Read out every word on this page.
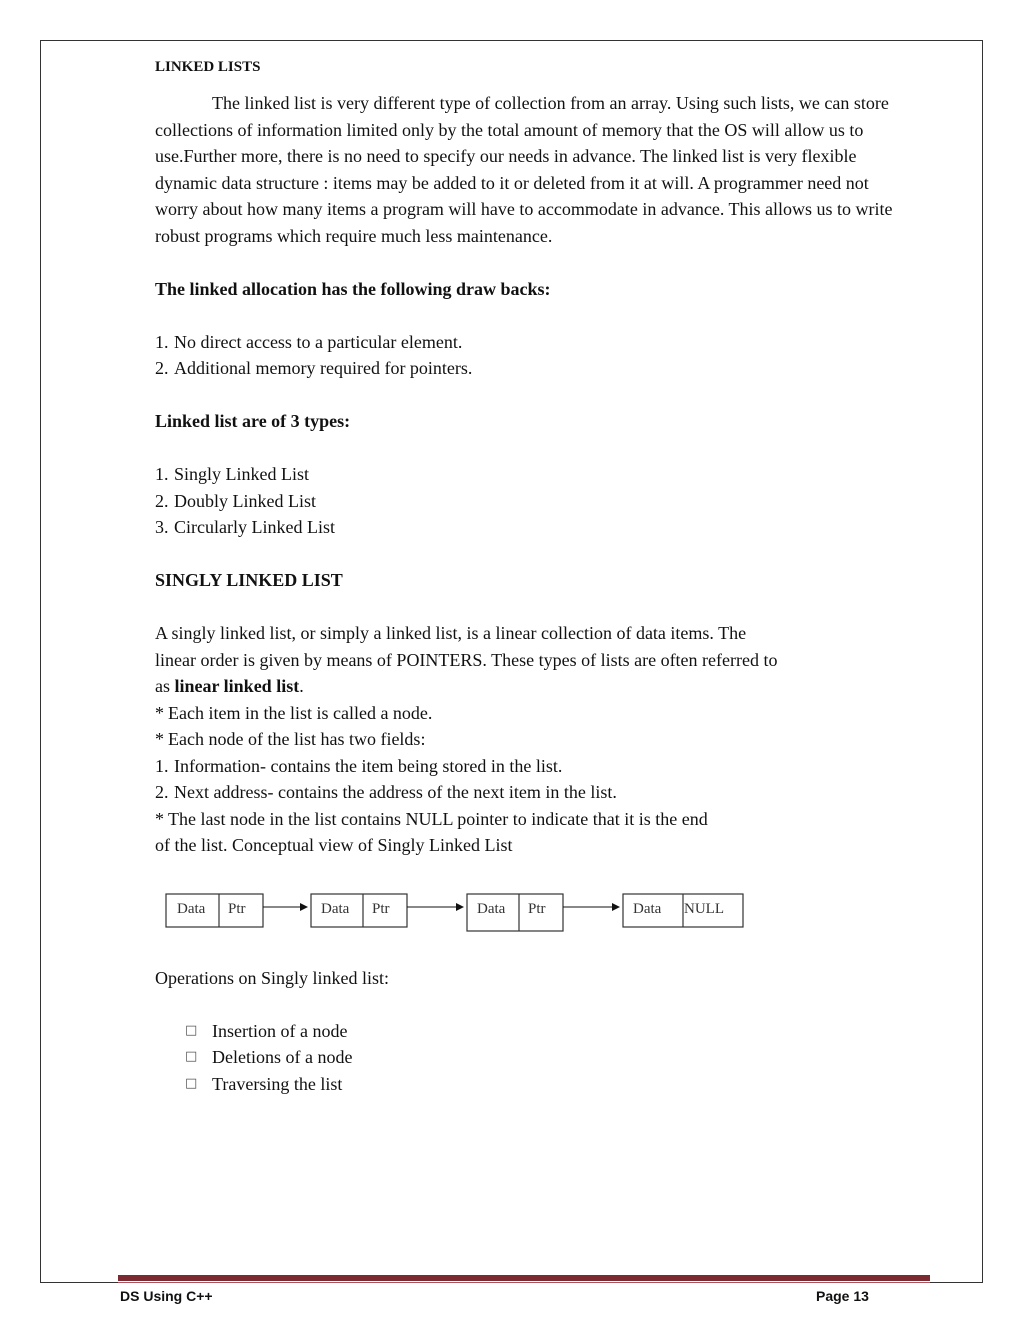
LINKED LISTS

The linked list is very different type of collection from an array. Using such lists, we can store collections of information limited only by the total amount of memory that the OS will allow us to use.Further more, there is no need to specify our needs in advance. The linked list is very flexible dynamic data structure : items may be added to it or deleted from it at will. A programmer need not worry about how many items a program will have to accommodate in advance. This allows us to write robust programs which require much less maintenance.

The linked allocation has the following draw backs:

1. No direct access to a particular element.
2. Additional memory required for pointers.

Linked list are of 3 types:

1. Singly Linked List
2. Doubly Linked List
3. Circularly Linked List

SINGLY LINKED LIST

A singly linked list, or simply a linked list, is a linear collection of data items. The

linear order is given by means of POINTERS. These types of lists are often referred to

as linear linked list.

* Each item in the list is called a node.
* Each node of the list has two fields:
1. Information- contains the item being stored in the list.
2. Next address- contains the address of the next item in the list.
* The last node in the list contains NULL pointer to indicate that it is the end

of the list. Conceptual view of Singly Linked List

Operations on Singly linked list:

□ Insertion of a node
□ Deletions of a node
□ Traversing the list
Data Ptr	Data Ptr	Data Ptr	Data NULL
DS Using C++	Page 13
